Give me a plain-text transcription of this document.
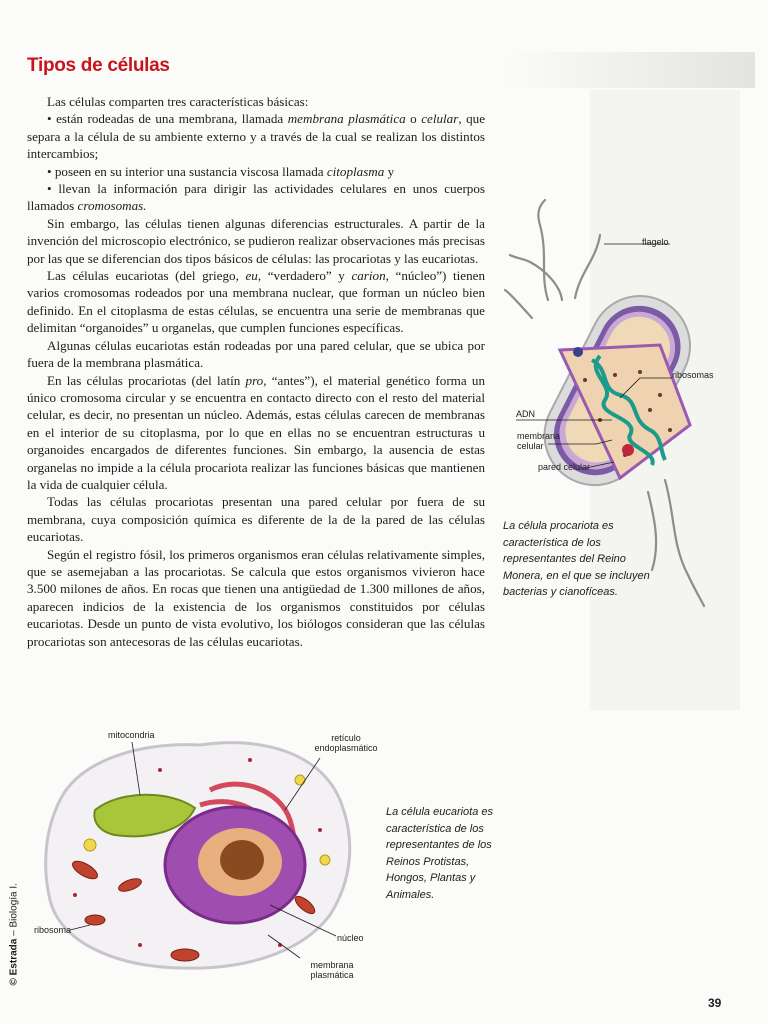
Tipos de células

Las células comparten tres características básicas:

• están rodeadas de una membrana, llamada membrana plasmática o celular, que separa a la célula de su ambiente externo y a través de la cual se realizan los distintos intercambios;

• poseen en su interior una sustancia viscosa llamada citoplasma y

• llevan la información para dirigir las actividades celulares en unos cuerpos llamados cromosomas.

Sin embargo, las células tienen algunas diferencias estructurales. A partir de la invención del microscopio electrónico, se pudieron realizar observaciones más precisas por las que se diferencian dos tipos básicos de células: las procariotas y las eucariotas.

Las células eucariotas (del griego, eu, “verdadero” y carion, “núcleo”) tienen varios cromosomas rodeados por una membrana nuclear, que forman un núcleo bien definido. En el citoplasma de estas células, se encuentra una serie de membranas que delimitan “organoides” u organelas, que cumplen funciones específicas.

Algunas células eucariotas están rodeadas por una pared celular, que se ubica por fuera de la membrana plasmática.

En las células procariotas (del latín pro, “antes”), el material genético forma un único cromosoma circular y se encuentra en contacto directo con el resto del material celular, es decir, no presentan un núcleo. Además, estas células carecen de membranas en el interior de su citoplasma, por lo que en ellas no se encuentran estructuras u organoides encargados de diferentes funciones. Sin embargo, la ausencia de estas organelas no impide a la célula procariota realizar las funciones básicas que mantienen la vida de cualquier célula.

Todas las células procariotas presentan una pared celular por fuera de su membrana, cuya composición química es diferente de la de la pared de las células eucariotas.

Según el registro fósil, los primeros organismos eran células relativamente simples, que se asemejaban a las procariotas. Se calcula que estos organismos vivieron hace 3.500 milones de años. En rocas que tienen una antigüedad de 1.300 millones de años, aparecen indicios de la existencia de los organismos constituidos por células eucariotas. Desde un punto de vista evolutivo, los biólogos consideran que las células procariotas son antecesoras de las células eucariotas.

flagelo
ribosomas
ADN
membrana celular
pared celular
La célula procariota es característica de los representantes del Reino Monera, en el que se incluyen bacterias y cianofíceas.
mitocondria	retículo endoplasmático
ribosoma
núcleo
membrana plasmática
La célula eucariota es característica de los representantes de los Reinos Protistas, Hongos, Plantas y Animales.
© Estrada – Biología I.
39
